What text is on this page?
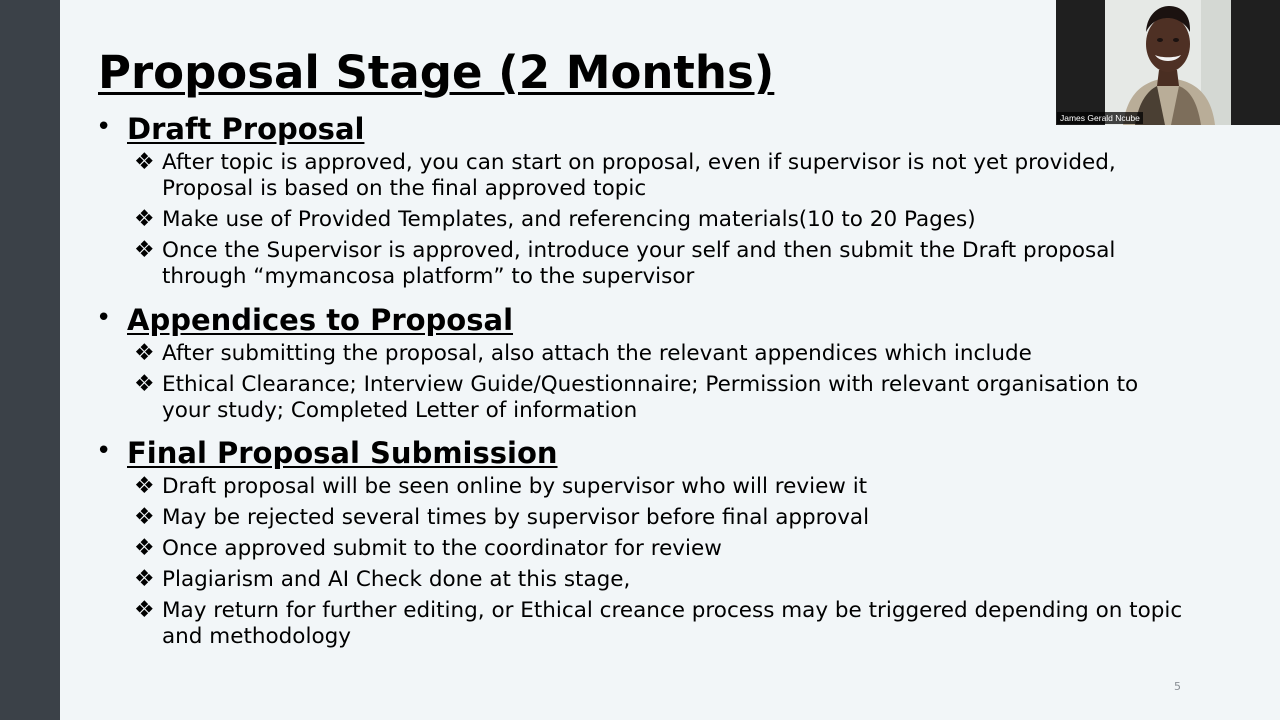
Proposal Stage (2 Months)
• Draft Proposal
❖ After topic is approved, you can start on proposal, even if supervisor is not yet provided, Proposal is based on the final approved topic
❖ Make use of Provided Templates, and referencing materials(10 to 20 Pages)
❖ Once the Supervisor is approved, introduce your self and then submit the Draft proposal through “mymancosa platform” to the supervisor
• Appendices to Proposal
❖ After submitting the proposal, also attach the relevant appendices which include
❖ Ethical Clearance; Interview Guide/Questionnaire; Permission with relevant organisation to your study; Completed Letter of information
• Final Proposal Submission
❖ Draft proposal will be seen online by supervisor who will review it
❖ May be rejected several times by supervisor before final approval
❖ Once approved submit to the coordinator for review
❖ Plagiarism and AI Check done at this stage,
❖ May return for further editing, or Ethical creance process may be triggered depending on topic and methodology
5
James Gerald Ncube
